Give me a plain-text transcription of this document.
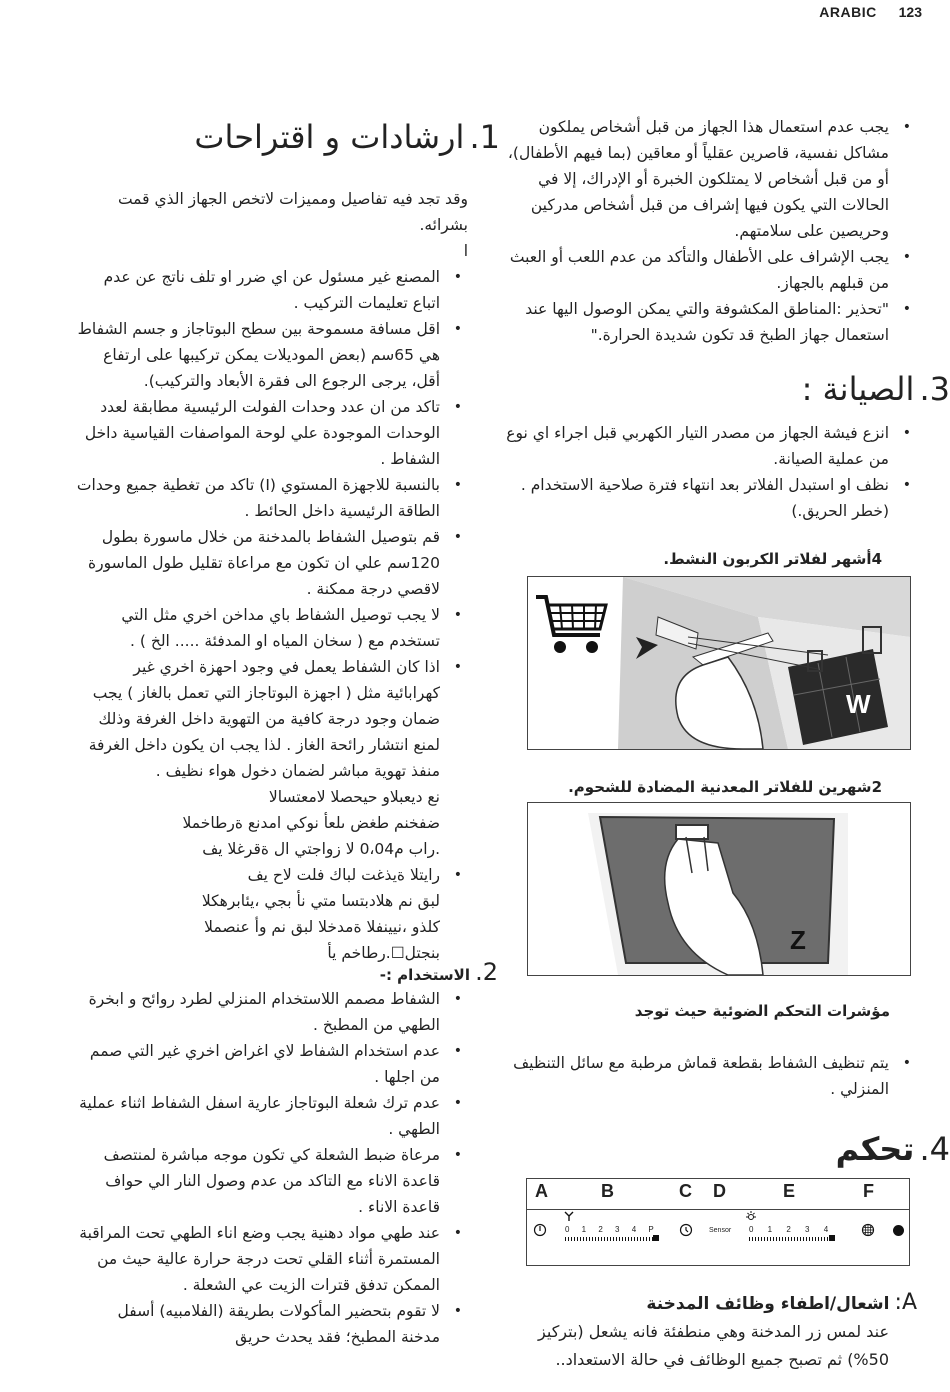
ARABIC 123
• يجب عدم استعمال هذا الجهاز من قبل أشخاص يملكون مشاكل نفسية، قاصرين عقلياً أو معاقين (بما فيهم الأطفال)، أو من قبل أشخاص لا يمتلكون الخبرة أو الإدراك، إلا في الحالات التي يكون فيها إشراف من قبل أشخاص مدركين وحريصين على سلامتهم.
• يجب الإشراف على الأطفال والتأكد من عدم اللعب أو العبث من قبلهم بالجهاز.
• "تحذير :المناطق المكشوفة والتي يمكن الوصول اليها عند استعمال جهاز الطبخ قد تكون شديدة الحرارة."
3. الصيانة :
• انزع فيشة الجهاز من مصدر التيار الكهربي قبل اجراء اي نوع من عملية الصيانة.
• نظف او استبدل الفلاتر بعد انتهاء فترة صلاحية الاستخدام . (خطر الحريق.)
4أشهر لفلاتر الكربون النشط.
W
2شهرين للفلاتر المعدنية المضادة للشحوم.
Z
مؤشرات التحكم الضوئية حيث توجد
• يتم تنظيف الشفاط بقطعة قماش مرطبة مع سائل التنظيف المنزلي .
4. تحكم
A	B	C D	E	F
0 1 2 3 4 P	Sensor 0 1 2 3 4
A: اشعال/اطفاء وظائف المدخنة
عند لمس زر المدخنة وهي منطفئة فانه يشعل (بتركيز 50%) ثم تصبح جميع الوظائف في حالة الاستعداد..
1. ارشادات و اقتراحات

وقد تجد فيه تفاصيل ومميزات لاتخص الجهاز الذي قمت بشرائه.

ا

• المصنع غير مسئول عن اي ضرر او تلف ناتج عن عدم اتباع تعليمات التركيب .
• اقل مسافة مسموحة بين سطح البوتاجاز و جسم الشفاط هي 65سم (بعض الموديلات يمكن تركيبها على ارتفاع أقل، يرجى الرجوع الى فقرة الأبعاد والتركيب).
• تاكد من ان عدد وحدات الفولت الرئيسية مطابقة لعدد الوحدات الموجودة علي لوحة المواصفات القياسية داخل الشفاط .
• بالنسبة للاجهزة المستوي (I) تاكد من تغطية جميع وحدات الطاقة الرئيسية داخل الحائط .
• قم بتوصيل الشفاط بالمدخنة من خلال ماسورة بطول 120سم علي ان تكون مع مراعاة تقليل طول الماسورة لاقصي درجة ممكنة .
• لا يجب توصيل الشفاط باي مداخن اخري مثل التي تستخدم مع ( سخان المياه او المدفئة ..... الخ ) .
• اذا كان الشفاط يعمل في وجود احهزة اخري غير كهرابائية مثل ( اجهزة البوتاجاز التي تعمل بالغاز ) يجب ضمان وجود درجة كافية من التهوية داخل الغرفة وذلك لمنع انتشار رائحة الغاز . لذا يجب ان يكون داخل الغرفة منفذ تهوية مباشر لضمان دخول هواء نظيف .
نع ديعبلاو حيحصلا لامعتسالا
ضفخنم طغض ىلعأ نوكي امدنع ةرطاخملا
.راب م0،04 لا زواجتي ال ةقرغلا يف
• رايتلا ةيذغت لباك فلت لاح يف
لبق نم هلادبتسا متي نأ بجي ،يئابرهكلا
كلذو ،نيينفلا ةمدخلا لبق نم وأ عنصملا
بنجتل☐.رطاخم يأ
2. الاستخدام :-
• الشفاط مصمم اللاستخدام المنزلي لطرد روائح و ابخرة الطهي من المطبخ .
• عدم استخدام الشفاط لاي اغراض اخري غير التي صمم من اجلها .
• عدم ترك شعلة البوتاجاز عارية اسفل الشفاط اثناء عملية الطهي .
• مرعاة ضبط الشعلة كي تكون موجه مباشرة لمنتصف قاعدة الاناء مع التاكد من عدم وصول النار الي حواف قاعدة الاناء .
• عند طهي مواد دهنية يجب وضع اناء الطهي تحت المراقبة المستمرة أثناء القلي تحت درجة حرارة عالية حيث من الممكن تدفق قترات الزيت عي الشعلة .
• لا تقوم بتحضير المأكولات بطريقة (الفلامبيه) أسفل مدخنة المطبخ؛ فقد يحدث حريق
